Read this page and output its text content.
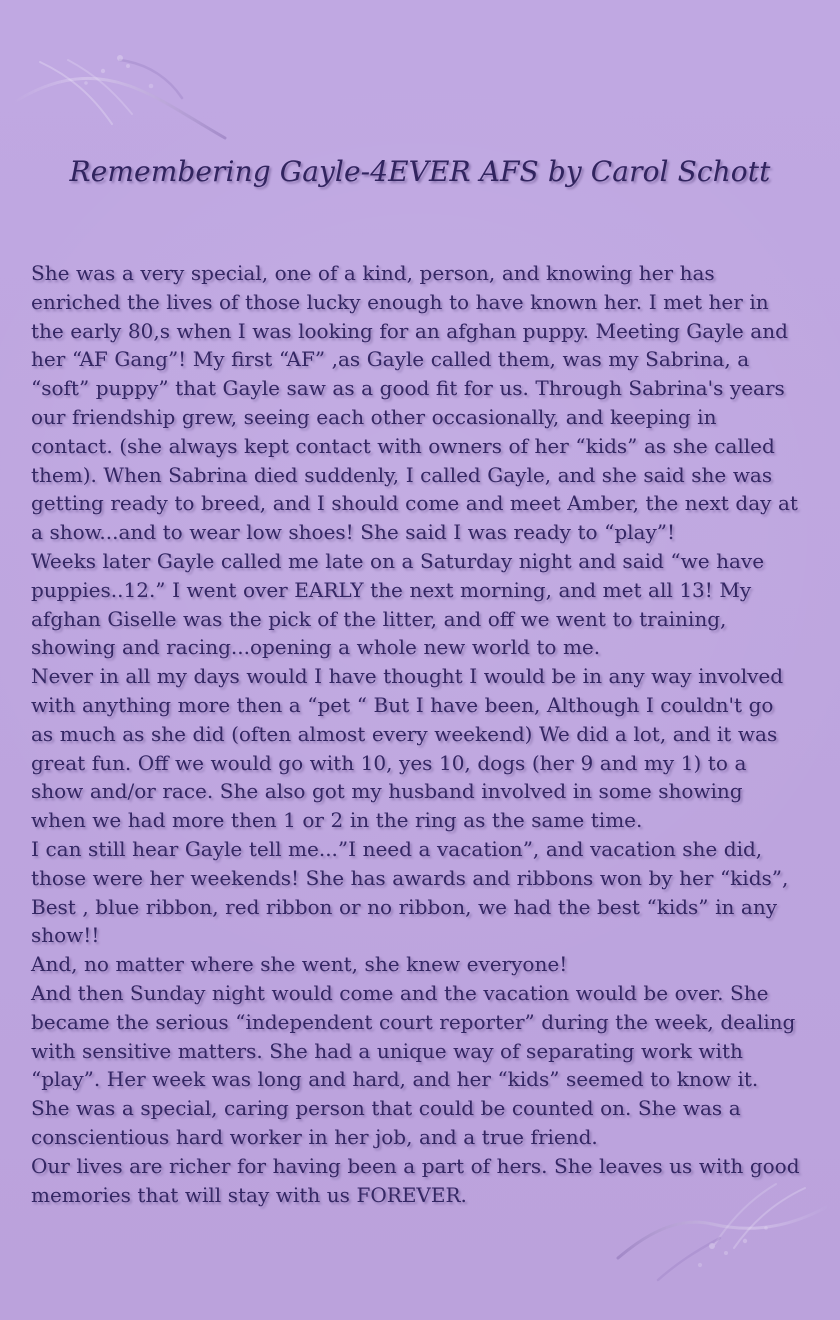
Remembering Gayle-4EVER AFS by Carol Schott

She was a very special, one of a kind, person, and knowing her has enriched the lives of those lucky enough to have known her. I met her in the early 80,s when I was looking for an afghan puppy. Meeting Gayle and her “AF Gang”! My first “AF” ,as Gayle called them, was my Sabrina, a “soft” puppy” that Gayle saw as a good fit for us. Through Sabrina's years our friendship grew, seeing each other occasionally, and keeping in contact. (she always kept contact with owners of her “kids” as she called them). When Sabrina died suddenly, I called Gayle, and she said she was getting ready to breed, and I should come and meet Amber, the next day at a show...and to wear low shoes! She said I was ready to “play”!

Weeks later Gayle called me late on a Saturday night and said “we have puppies..12.” I went over EARLY the next morning, and met all 13! My afghan Giselle was the pick of the litter, and off we went to training, showing and racing...opening a whole new world to me.

Never in all my days would I have thought I would be in any way involved with anything more then a “pet “ But I have been, Although I couldn't go as much as she did (often almost every weekend) We did a lot, and it was great fun. Off we would go with 10, yes 10, dogs (her 9 and my 1) to a show and/or race. She also got my husband involved in some showing when we had more then 1 or 2 in the ring as the same time.

I can still hear Gayle tell me...”I need a vacation”, and vacation she did, those were her weekends! She has awards and ribbons won by her “kids”, Best , blue ribbon, red ribbon or no ribbon, we had the best “kids” in any show!!

And, no matter where she went, she knew everyone!

And then Sunday night would come and the vacation would be over. She became the serious “independent court reporter” during the week, dealing with sensitive matters. She had a unique way of separating work with “play”. Her week was long and hard, and her “kids” seemed to know it. She was a special, caring person that could be counted on. She was a conscientious hard worker in her job, and a true friend.

Our lives are richer for having been a part of hers. She leaves us with good memories that will stay with us FOREVER.
